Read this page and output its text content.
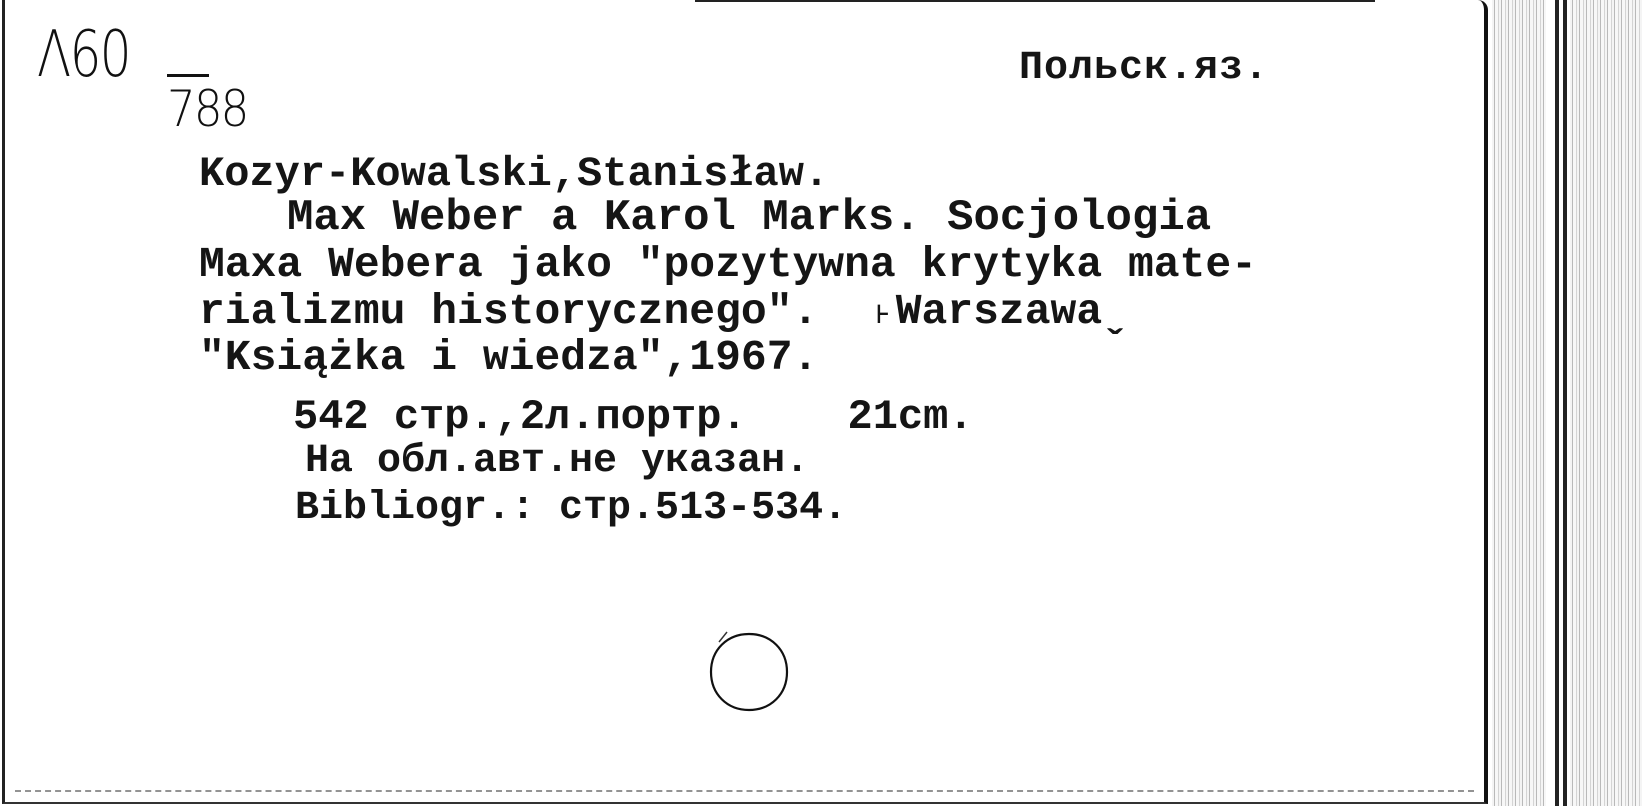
Λ60
788
Польск.яз.
Kozyr-Kowalski,Stanisław.
Max Weber a Karol Marks. Socjologia
Maxa Webera jako "pozytywna krytyka mate-
rializmu historycznego".  ˫Warszawaˬ
"Książka i wiedza",1967.
542 стр.,2л.портр.    21cm.
На обл.авт.не указан.
Bibliogr.: стр.513-534.
